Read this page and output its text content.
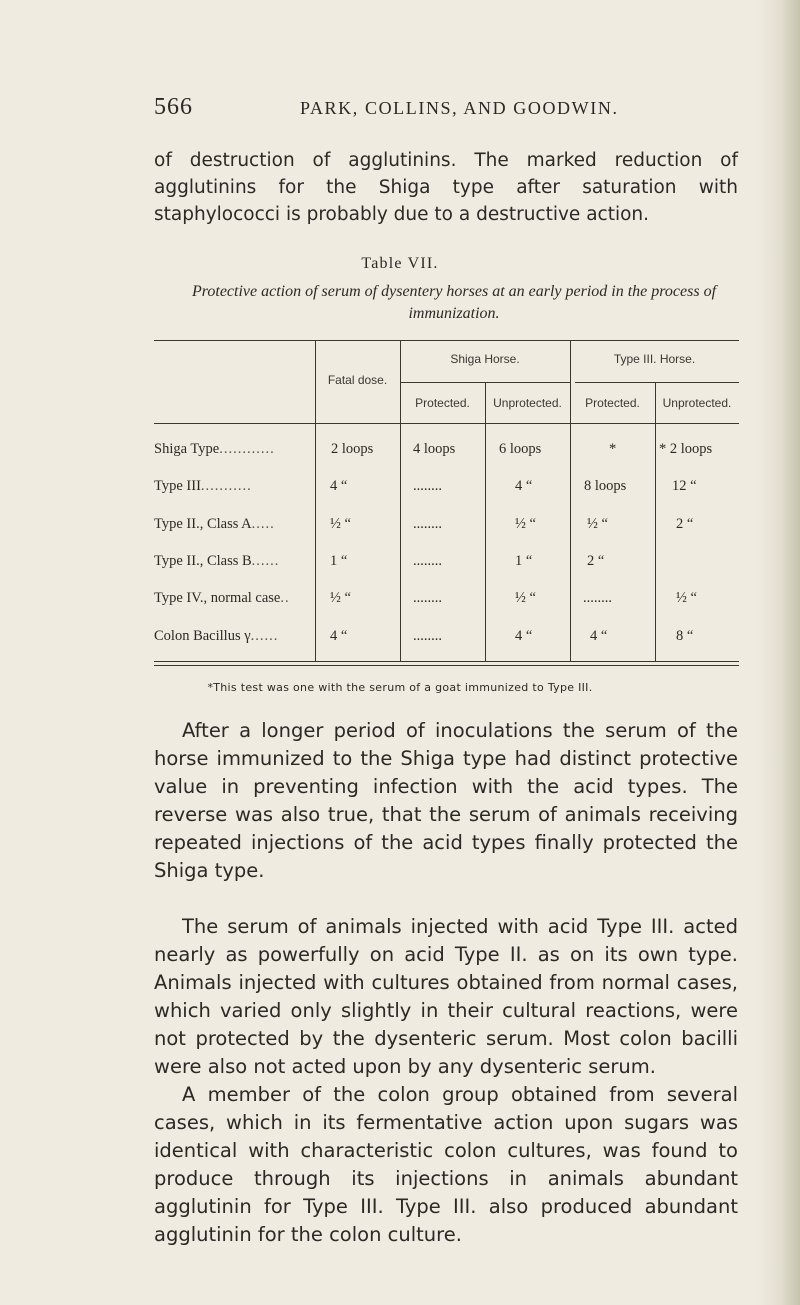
566	PARK, COLLINS, AND GOODWIN.

of destruction of agglutinins. The marked reduction of agglutinins for the Shiga type after saturation with staphylococci is probably due to a destructive action.

Table VII.
Protective action of serum of dysentery horses at an early period in the process of immunization.
Fatal dose.
Shiga Horse.	Type III. Horse.
Protected.	Unprotected.	Protected.	Unprotected.
Shiga Type............	2 loops	4 loops	6 loops	*	* 2 loops
Type III...........	4 “	........	4 “	8 loops	12 “
Type II., Class A.....	½ “	........	½ “	½ “	2 “
Type II., Class B......	1 “	........	1 “	2 “
Type IV., normal case..	½ “	........	½ “	........	½ “
Colon Bacillus γ......	4 “	........	4 “	4 “	8 “
*This test was one with the serum of a goat immunized to Type III.

After a longer period of inoculations the serum of the horse immunized to the Shiga type had distinct protective value in preventing infection with the acid types. The reverse was also true, that the serum of animals receiving repeated injections of the acid types finally protected the Shiga type.

The serum of animals injected with acid Type III. acted nearly as powerfully on acid Type II. as on its own type. Animals injected with cultures obtained from normal cases, which varied only slightly in their cultural reactions, were not protected by the dysenteric serum. Most colon bacilli were also not acted upon by any dysenteric serum.

A member of the colon group obtained from several cases, which in its fermentative action upon sugars was identical with characteristic colon cultures, was found to produce through its injections in animals abundant agglutinin for Type III. Type III. also produced abundant agglutinin for the colon culture.
